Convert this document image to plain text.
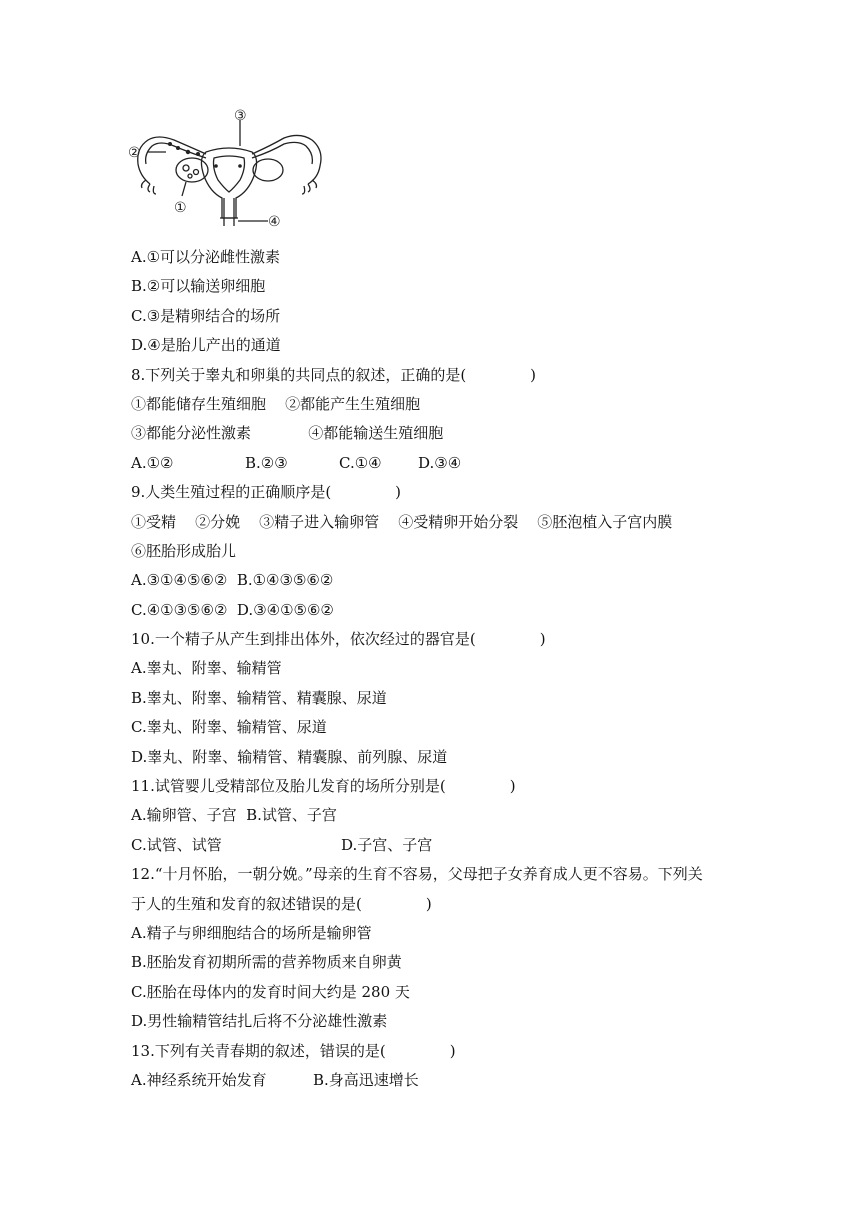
③
②
①
④
A.①可以分泌雌性激素
B.②可以输送卵细胞
C.③是精卵结合的场所
D.④是胎儿产出的通道
8.下列关于睾丸和卵巢的共同点的叙述，正确的是(	)
①都能储存生殖细胞    ②都能产生生殖细胞
③都能分泌性激素            ④都能输送生殖细胞
A.①②	B.②③	C.①④	D.③④
9.人类生殖过程的正确顺序是(	)
①受精    ②分娩    ③精子进入输卵管    ④受精卵开始分裂    ⑤胚泡植入子宫内膜
⑥胚胎形成胎儿
A.③①④⑤⑥②  B.①④③⑤⑥②
C.④①③⑤⑥②  D.③④①⑤⑥②
10.一个精子从产生到排出体外，依次经过的器官是(	)
A.睾丸、附睾、输精管
B.睾丸、附睾、输精管、精囊腺、尿道
C.睾丸、附睾、输精管、尿道
D.睾丸、附睾、输精管、精囊腺、前列腺、尿道
11.试管婴儿受精部位及胎儿发育的场所分别是(	)
A.输卵管、子宫  B.试管、子宫
C.试管、试管	D.子宫、子宫
12.“十月怀胎，一朝分娩。”母亲的生育不容易，父母把子女养育成人更不容易。下列关
于人的生殖和发育的叙述错误的是(	)
A.精子与卵细胞结合的场所是输卵管
B.胚胎发育初期所需的营养物质来自卵黄
C.胚胎在母体内的发育时间大约是 280 天
D.男性输精管结扎后将不分泌雄性激素
13.下列有关青春期的叙述，错误的是(	)
A.神经系统开始发育	B.身高迅速增长
